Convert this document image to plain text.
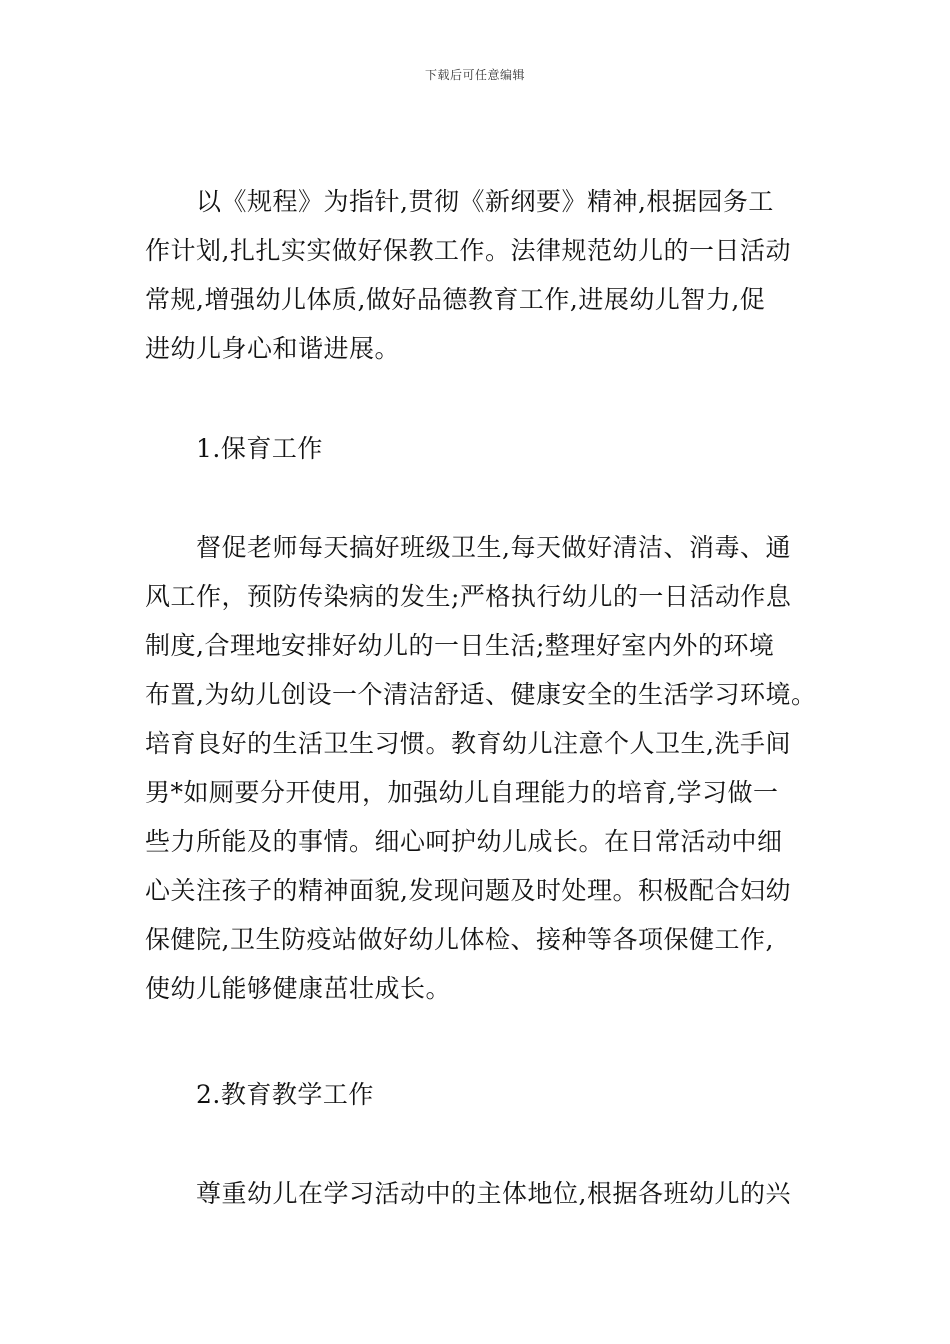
下载后可任意编辑
以《规程》为指针,贯彻《新纲要》精神,根据园务工
作计划,扎扎实实做好保教工作。法律规范幼儿的一日活动
常规,增强幼儿体质,做好品德教育工作,进展幼儿智力,促
进幼儿身心和谐进展。
1.保育工作
督促老师每天搞好班级卫生,每天做好清洁、消毒、通
风工作，预防传染病的发生;严格执行幼儿的一日活动作息
制度,合理地安排好幼儿的一日生活;整理好室内外的环境
布置,为幼儿创设一个清洁舒适、健康安全的生活学习环境。
培育良好的生活卫生习惯。教育幼儿注意个人卫生,洗手间
男*如厕要分开使用，加强幼儿自理能力的培育,学习做一
些力所能及的事情。细心呵护幼儿成长。在日常活动中细
心关注孩子的精神面貌,发现问题及时处理。积极配合妇幼
保健院,卫生防疫站做好幼儿体检、接种等各项保健工作,
使幼儿能够健康茁壮成长。
2.教育教学工作
尊重幼儿在学习活动中的主体地位,根据各班幼儿的兴
